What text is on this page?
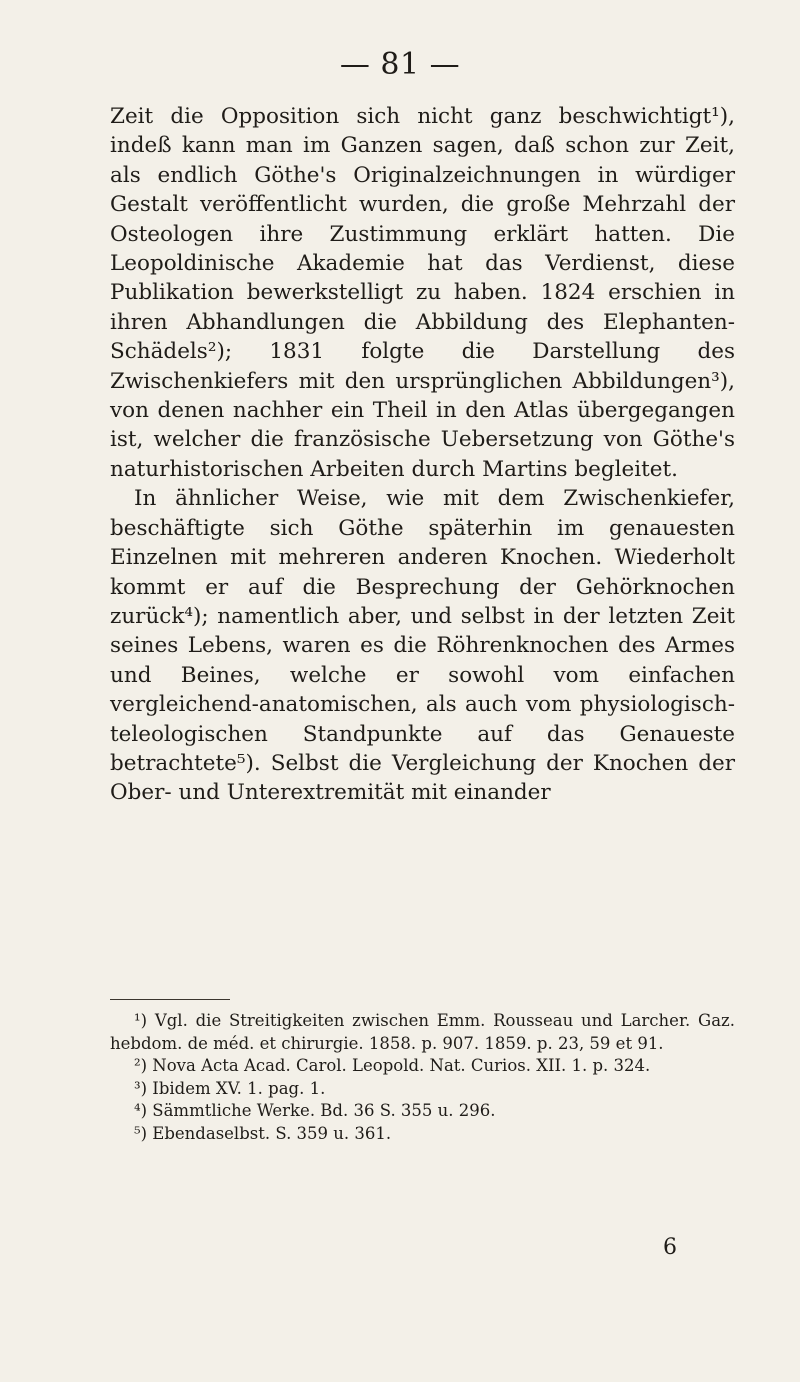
— 81 —

Zeit die Opposition sich nicht ganz beschwichtigt¹), indeß kann man im Ganzen sagen, daß schon zur Zeit, als endlich Göthe's Originalzeichnungen in würdiger Gestalt veröffentlicht wurden, die große Mehrzahl der Osteologen ihre Zustimmung erklärt hatten. Die Leopoldinische Akademie hat das Verdienst, diese Publikation bewerkstelligt zu haben. 1824 erschien in ihren Abhandlungen die Abbildung des Elephanten-Schädels²); 1831 folgte die Darstellung des Zwischenkiefers mit den ursprünglichen Abbildungen³), von denen nachher ein Theil in den Atlas übergegangen ist, welcher die französische Uebersetzung von Göthe's naturhistorischen Arbeiten durch Martins begleitet.

In ähnlicher Weise, wie mit dem Zwischenkiefer, beschäftigte sich Göthe späterhin im genauesten Einzelnen mit mehreren anderen Knochen. Wiederholt kommt er auf die Besprechung der Gehörknochen zurück⁴); namentlich aber, und selbst in der letzten Zeit seines Lebens, waren es die Röhrenknochen des Armes und Beines, welche er sowohl vom einfachen vergleichend-anatomischen, als auch vom physiologisch-teleologischen Standpunkte auf das Genaueste betrachtete⁵). Selbst die Vergleichung der Knochen der Ober- und Unterextremität mit einander

¹) Vgl. die Streitigkeiten zwischen Emm. Rousseau und Larcher. Gaz. hebdom. de méd. et chirurgie. 1858. p. 907. 1859. p. 23, 59 et 91.

²) Nova Acta Acad. Carol. Leopold. Nat. Curios. XII. 1. p. 324.

³) Ibidem XV. 1. pag. 1.

⁴) Sämmtliche Werke. Bd. 36 S. 355 u. 296.

⁵) Ebendaselbst. S. 359 u. 361.

6
